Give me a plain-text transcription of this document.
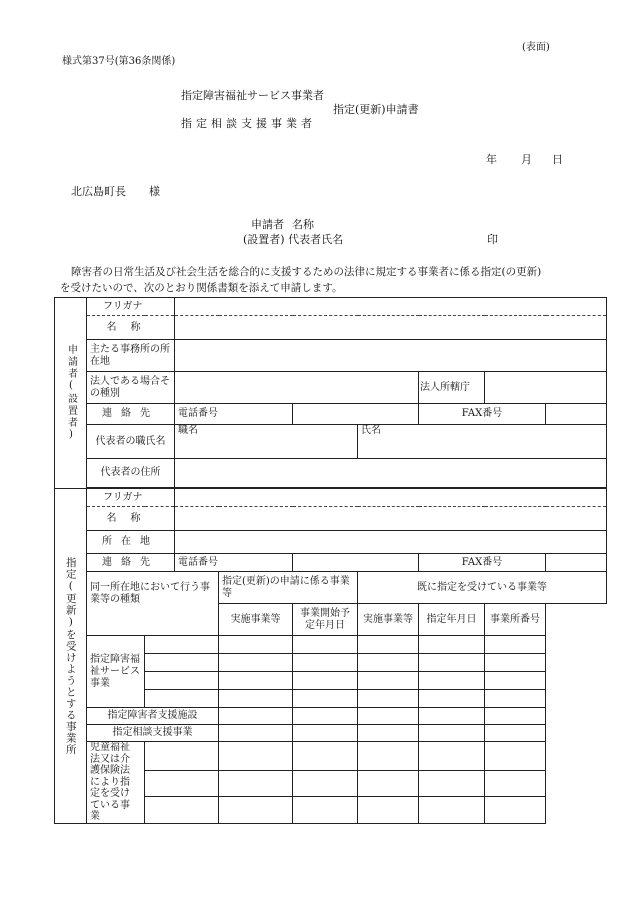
(表面)
様式第37号(第36条関係)
指定障害福祉サービス事業者
指定(更新)申請書
指定相談支援事業者
年 月 日
北広島町長 様
申請者 名称
(設置者) 代表者氏名	印
障害者の日常生活及び社会生活を総合的に支援するための法律に規定する事業者に係る指定(の更新)
を受けたいので、次のとおり関係書類を添えて申請します。
申請者(設置者)	フリガナ								
	名称								
	主たる事務所の所在地								
	法人である場合その種別						法人所轄庁		
	連絡先		電話番号				FAX番号		
	代表者の職氏名		職名			氏名			
	代表者の住所								

指定(更新)を受けようとする事業所	フリガナ								
	名称								
	所在地								
	連絡先		電話番号				FAX番号		
	同一所在地において行う事業等の種類			指定(更新)の申請に係る事業等		既に指定を受けている事業等			
				実施事業等	事業開始予定年月日	実施事業等	指定年月日	事業所番号	
	指定障害福祉サービス事業								

	指定障害者支援施設								
	指定相談支援事業								
	児童福祉法又は介護保険法により指定を受けている事業								
